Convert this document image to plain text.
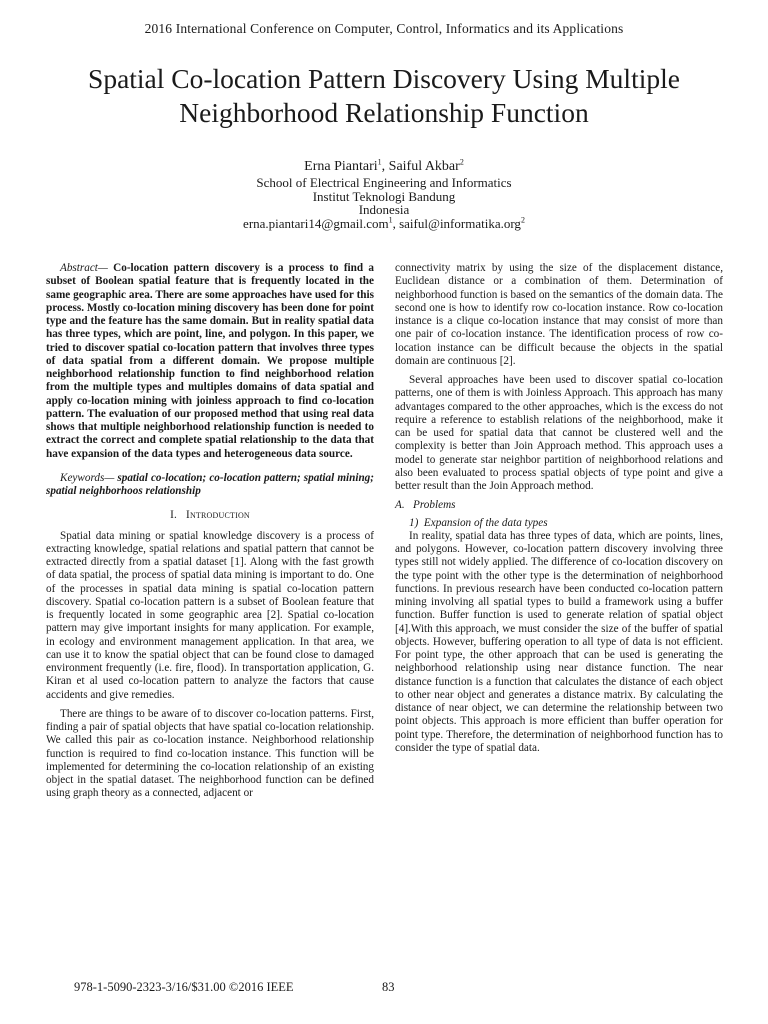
2016 International Conference on Computer, Control, Informatics and its Applications
Spatial Co-location Pattern Discovery Using Multiple
Neighborhood Relationship Function
Erna Piantari$^1$, Saiful Akbar$^2$
School of Electrical Engineering and Informatics
Institut Teknologi Bandung
Indonesia
erna.piantari14@gmail.com$^1$, saiful@informatika.org$^2$

Abstract— Co-location pattern discovery is a process to find a subset of Boolean spatial feature that is frequently located in the same geographic area. There are some approaches have used for this process. Mostly co-location mining discovery has been done for point type and the feature has the same domain. But in reality spatial data has three types, which are point, line, and polygon. In this paper, we tried to discover spatial co-location pattern that involves three types of data spatial from a different domain. We propose multiple neighborhood relationship function to find neighborhood relation from the multiple types and multiples domains of data spatial and apply co-location mining with joinless approach to find co-location pattern. The evaluation of our proposed method that using real data shows that multiple neighborhood relationship function is needed to extract the correct and complete spatial relationship to the data that have expansion of the data types and heterogeneous data source.

Keywords— spatial co-location; co-location pattern; spatial mining; spatial neighborhoos relationship

I. Introduction

Spatial data mining or spatial knowledge discovery is a process of extracting knowledge, spatial relations and spatial pattern that cannot be extracted directly from a spatial dataset [1]. Along with the fast growth of data spatial, the process of spatial data mining is important to do. One of the processes in spatial data mining is spatial co-location pattern discovery. Spatial co-location pattern is a subset of Boolean feature that is frequently located in some geographic area [2]. Spatial co-location pattern may give important insights for many application. For example, in ecology and environment management application. In that area, we can use it to know the spatial object that can be found close to damaged environment frequently (i.e. fire, flood). In transportation application, G. Kiran et al used co-location pattern to analyze the factors that cause accidents and give remedies.

There are things to be aware of to discover co-location patterns. First, finding a pair of spatial objects that have spatial co-location relationship. We called this pair as co-location instance. Neighborhood relationship function is required to find co-location instance. This function will be implemented for determining the co-location relationship of an existing object in the spatial dataset. The neighborhood function can be defined using graph theory as a connected, adjacent or

connectivity matrix by using the size of the displacement distance, Euclidean distance or a combination of them. Determination of neighborhood function is based on the semantics of the domain data. The second one is how to identify row co-location instance. Row co-location instance is a clique co-location instance that may consist of more than one pair of co-location instance. The identification process of row co-location instance can be difficult because the objects in the spatial domain are continuous [2].

Several approaches have been used to discover spatial co-location patterns, one of them is with Joinless Approach. This approach has many advantages compared to the other approaches, which is the excess do not require a reference to establish relations of the neighborhood, make it can be used for spatial data that cannot be clustered well and the complexity is better than Join Approach method. This approach uses a model to generate star neighbor partition of neighborhood relations and also been evaluated to process spatial objects of type point and give a better result than the Join Approach method.

A. Problems

1) Expansion of the data types

In reality, spatial data has three types of data, which are points, lines, and polygons. However, co-location pattern discovery involving three types still not widely applied. The difference of co-location discovery on the type point with the other type is the determination of neighborhood functions. In previous research have been conducted co-location pattern mining involving all spatial types to build a framework using a buffer function. Buffer function is used to generate relation of spatial object [4].With this approach, we must consider the size of the buffer of spatial objects. However, buffering operation to all type of data is not efficient. For point type, the other approach that can be used is generating the neighborhood relationship using near distance function. The near distance function is a function that calculates the distance of each object to other near object and generates a distance matrix. By calculating the distance of near object, we can determine the relationship between two point objects. This approach is more efficient than buffer operation for point type. Therefore, the determination of neighborhood function has to consider the type of spatial data.

978-1-5090-2323-3/16/$31.00 ©2016 IEEE	83
